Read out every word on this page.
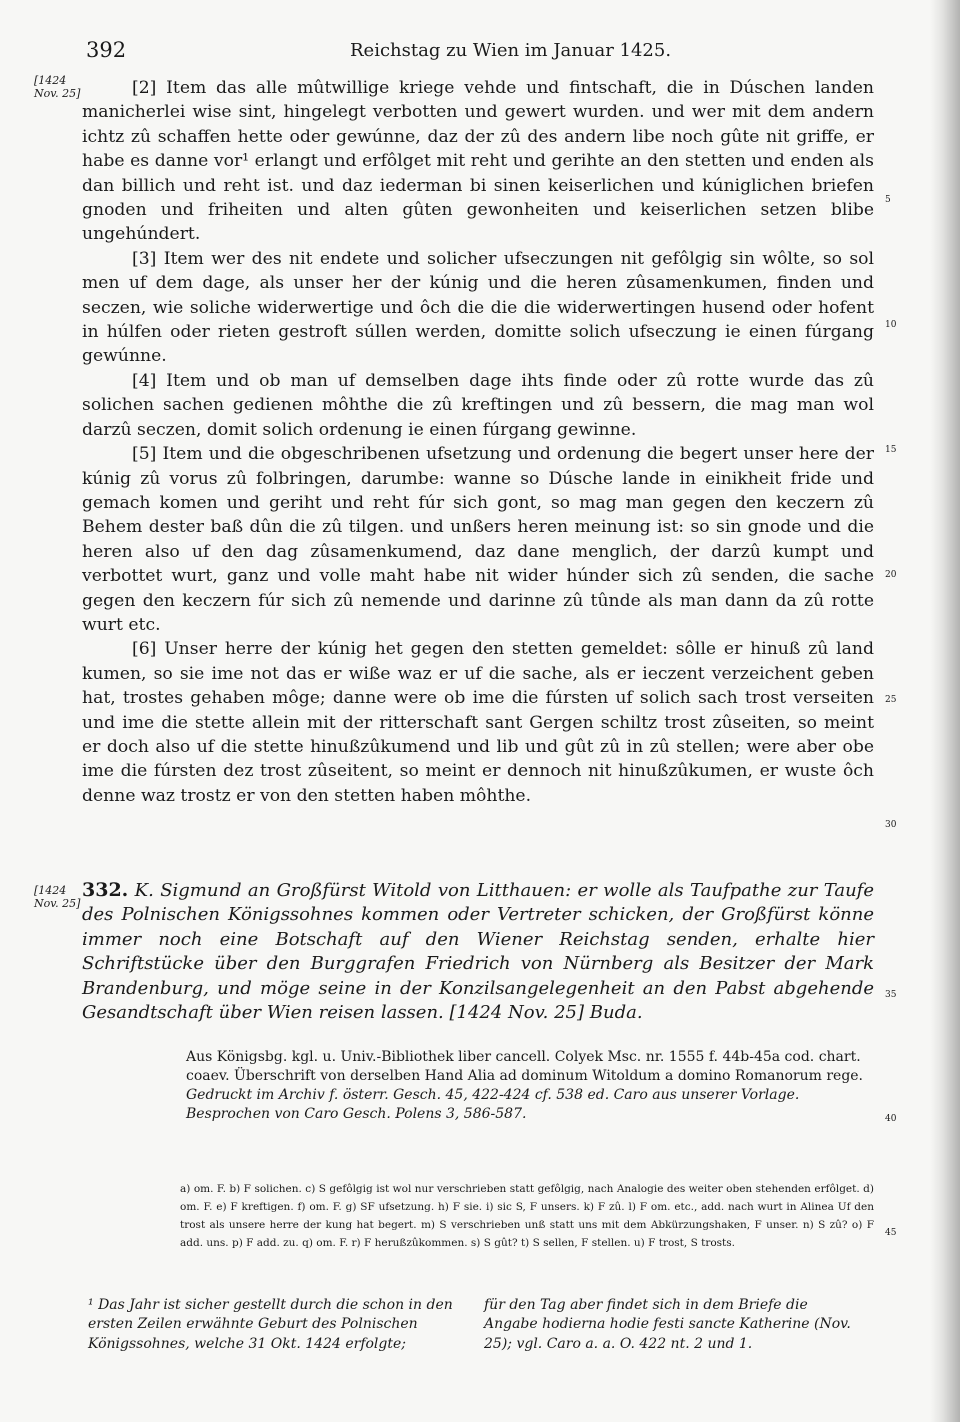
392	Reichstag zu Wien im Januar 1425.
[1424
Nov. 25]
[1424
Nov. 25]
5
10
15
20
25
30
35
40
45

[2] Item das alle mûtwillige kriege vehde und fintschaft, die in Dúschen landen manicherlei wise sint, hingelegt verbotten und gewert wurden. und wer mit dem andern ichtz zû schaffen hette oder gewúnne, daz der zû des andern libe noch gûte nit griffe, er habe es danne vor¹ erlangt und erfôlget mit reht und gerihte an den stetten und enden als dan billich und reht ist. und daz iederman bi sinen keiserlichen und kúniglichen briefen gnoden und friheiten und alten gûten gewonheiten und keiserlichen setzen blibe ungehúndert.

[3] Item wer des nit endete und solicher ufseczungen nit gefôlgig sin wôlte, so sol men uf dem dage, als unser her der kúnig und die heren zûsamenkumen, finden und seczen, wie soliche widerwertige und ôch die die die widerwertingen husend oder hofent in húlfen oder rieten gestroft súllen werden, domitte solich ufseczung ie einen fúrgang gewúnne.

[4] Item und ob man uf demselben dage ihts finde oder zû rotte wurde das zû solichen sachen gedienen môhthe die zû kreftingen und zû bessern, die mag man wol darzû seczen, domit solich ordenung ie einen fúrgang gewinne.

[5] Item und die obgeschribenen ufsetzung und ordenung die begert unser here der kúnig zû vorus zû folbringen, darumbe: wanne so Dúsche lande in einikheit fride und gemach komen und geriht und reht fúr sich gont, so mag man gegen den keczern zû Behem dester baß dûn die zû tilgen. und unßers heren meinung ist: so sin gnode und die heren also uf den dag zûsamenkumend, daz dane menglich, der darzû kumpt und verbottet wurt, ganz und volle maht habe nit wider húnder sich zû senden, die sache gegen den keczern fúr sich zû nemende und darinne zû tûnde als man dann da zû rotte wurt etc.

[6] Unser herre der kúnig het gegen den stetten gemeldet: sôlle er hinuß zû land kumen, so sie ime not das er wiße waz er uf die sache, als er ieczent verzeichent geben hat, trostes gehaben môge; danne were ob ime die fúrsten uf solich sach trost verseiten und ime die stette allein mit der ritterschaft sant Gergen schiltz trost zûseiten, so meint er doch also uf die stette hinußzûkumend und lib und gût zû in zû stellen; were aber obe ime die fúrsten dez trost zûseitent, so meint er dennoch nit hinußzûkumen, er wuste ôch denne waz trostz er von den stetten haben môhthe.

332. K. Sigmund an Großfürst Witold von Litthauen: er wolle als Taufpathe zur Taufe des Polnischen Königssohnes kommen oder Vertreter schicken, der Großfürst könne immer noch eine Botschaft auf den Wiener Reichstag senden, erhalte hier Schriftstücke über den Burggrafen Friedrich von Nürnberg als Besitzer der Mark Brandenburg, und möge seine in der Konzilsangelegenheit an den Pabst abgehende Gesandtschaft über Wien reisen lassen. [1424 Nov. 25] Buda.

Aus Königsbg. kgl. u. Univ.-Bibliothek liber cancell. Colyek Msc. nr. 1555 f. 44b-45a cod. chart. coaev. Überschrift von derselben Hand Alia ad dominum Witoldum a domino Romanorum rege.

Gedruckt im Archiv f. österr. Gesch. 45, 422-424 cf. 538 ed. Caro aus unserer Vorlage.

Besprochen von Caro Gesch. Polens 3, 586-587.

a) om. F. b) F solichen. c) S gefôlgig ist wol nur verschrieben statt gefôlgig, nach Analogie des weiter oben stehenden erfôlget. d) om. F. e) F kreftigen. f) om. F. g) SF ufsetzung. h) F sie. i) sic S, F unsers. k) F zû. l) F om. etc., add. nach wurt in Alinea Uf den trost als unsere herre der kung hat begert. m) S verschrieben unß statt uns mit dem Abkürzungshaken, F unser. n) S zû? o) F add. uns. p) F add. zu. q) om. F. r) F herußzûkommen. s) S gût? t) S sellen, F stellen. u) F trost, S trosts.
¹ Das Jahr ist sicher gestellt durch die schon in den ersten Zeilen erwähnte Geburt des Polnischen Königssohnes, welche 31 Okt. 1424 erfolgte;
für den Tag aber findet sich in dem Briefe die Angabe hodierna hodie festi sancte Katherine (Nov. 25); vgl. Caro a. a. O. 422 nt. 2 und 1.
